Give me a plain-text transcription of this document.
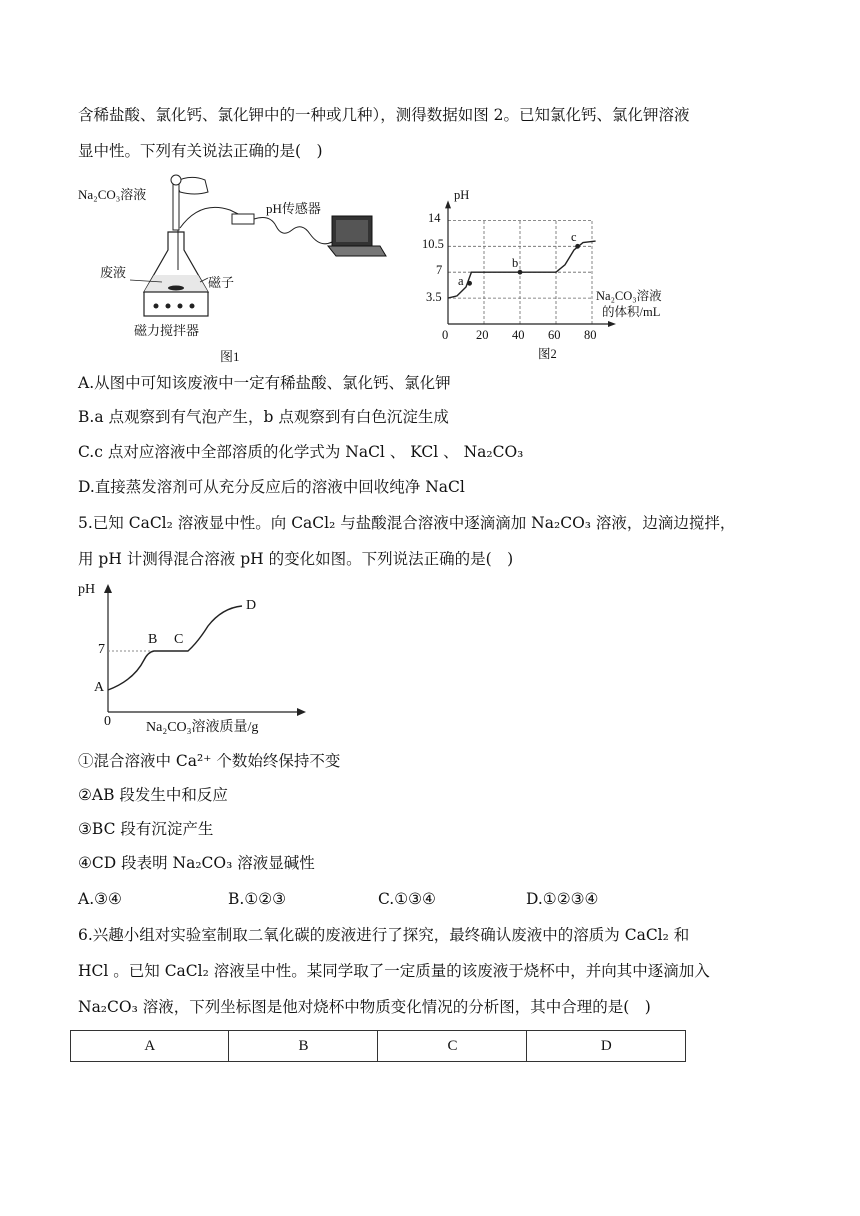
含稀盐酸、氯化钙、氯化钾中的一种或几种），测得数据如图 2。已知氯化钙、氯化钾溶液
显中性。下列有关说法正确的是(　)
Na₂CO₃溶液
pH传感器
废液
磁子
磁力搅拌器
图1
pH
14
10.5
7
3.5
0 20 40 60 80
Na₂CO₃溶液
的体积/mL
图2
a
b
c
A.从图中可知该废液中一定有稀盐酸、氯化钙、氯化钾
B.a 点观察到有气泡产生，b 点观察到有白色沉淀生成
C.c 点对应溶液中全部溶质的化学式为 NaCl 、 KCl 、 Na₂CO₃
D.直接蒸发溶剂可从充分反应后的溶液中回收纯净 NaCl
5.已知 CaCl₂ 溶液显中性。向 CaCl₂ 与盐酸混合溶液中逐滴滴加 Na₂CO₃ 溶液，边滴边搅拌，
用 pH 计测得混合溶液 pH 的变化如图。下列说法正确的是(　)
pH
7
A
B C
D
0	Na₂CO₃溶液质量/g
①混合溶液中 Ca²⁺ 个数始终保持不变
②AB 段发生中和反应
③BC 段有沉淀产生
④CD 段表明 Na₂CO₃ 溶液显碱性
A.③④	B.①②③	C.①③④	D.①②③④
6.兴趣小组对实验室制取二氧化碳的废液进行了探究，最终确认废液中的溶质为 CaCl₂ 和
HCl 。已知 CaCl₂ 溶液呈中性。某同学取了一定质量的该废液于烧杯中，并向其中逐滴加入
Na₂CO₃ 溶液，下列坐标图是他对烧杯中物质变化情况的分析图，其中合理的是(　)
A	B	C	D
